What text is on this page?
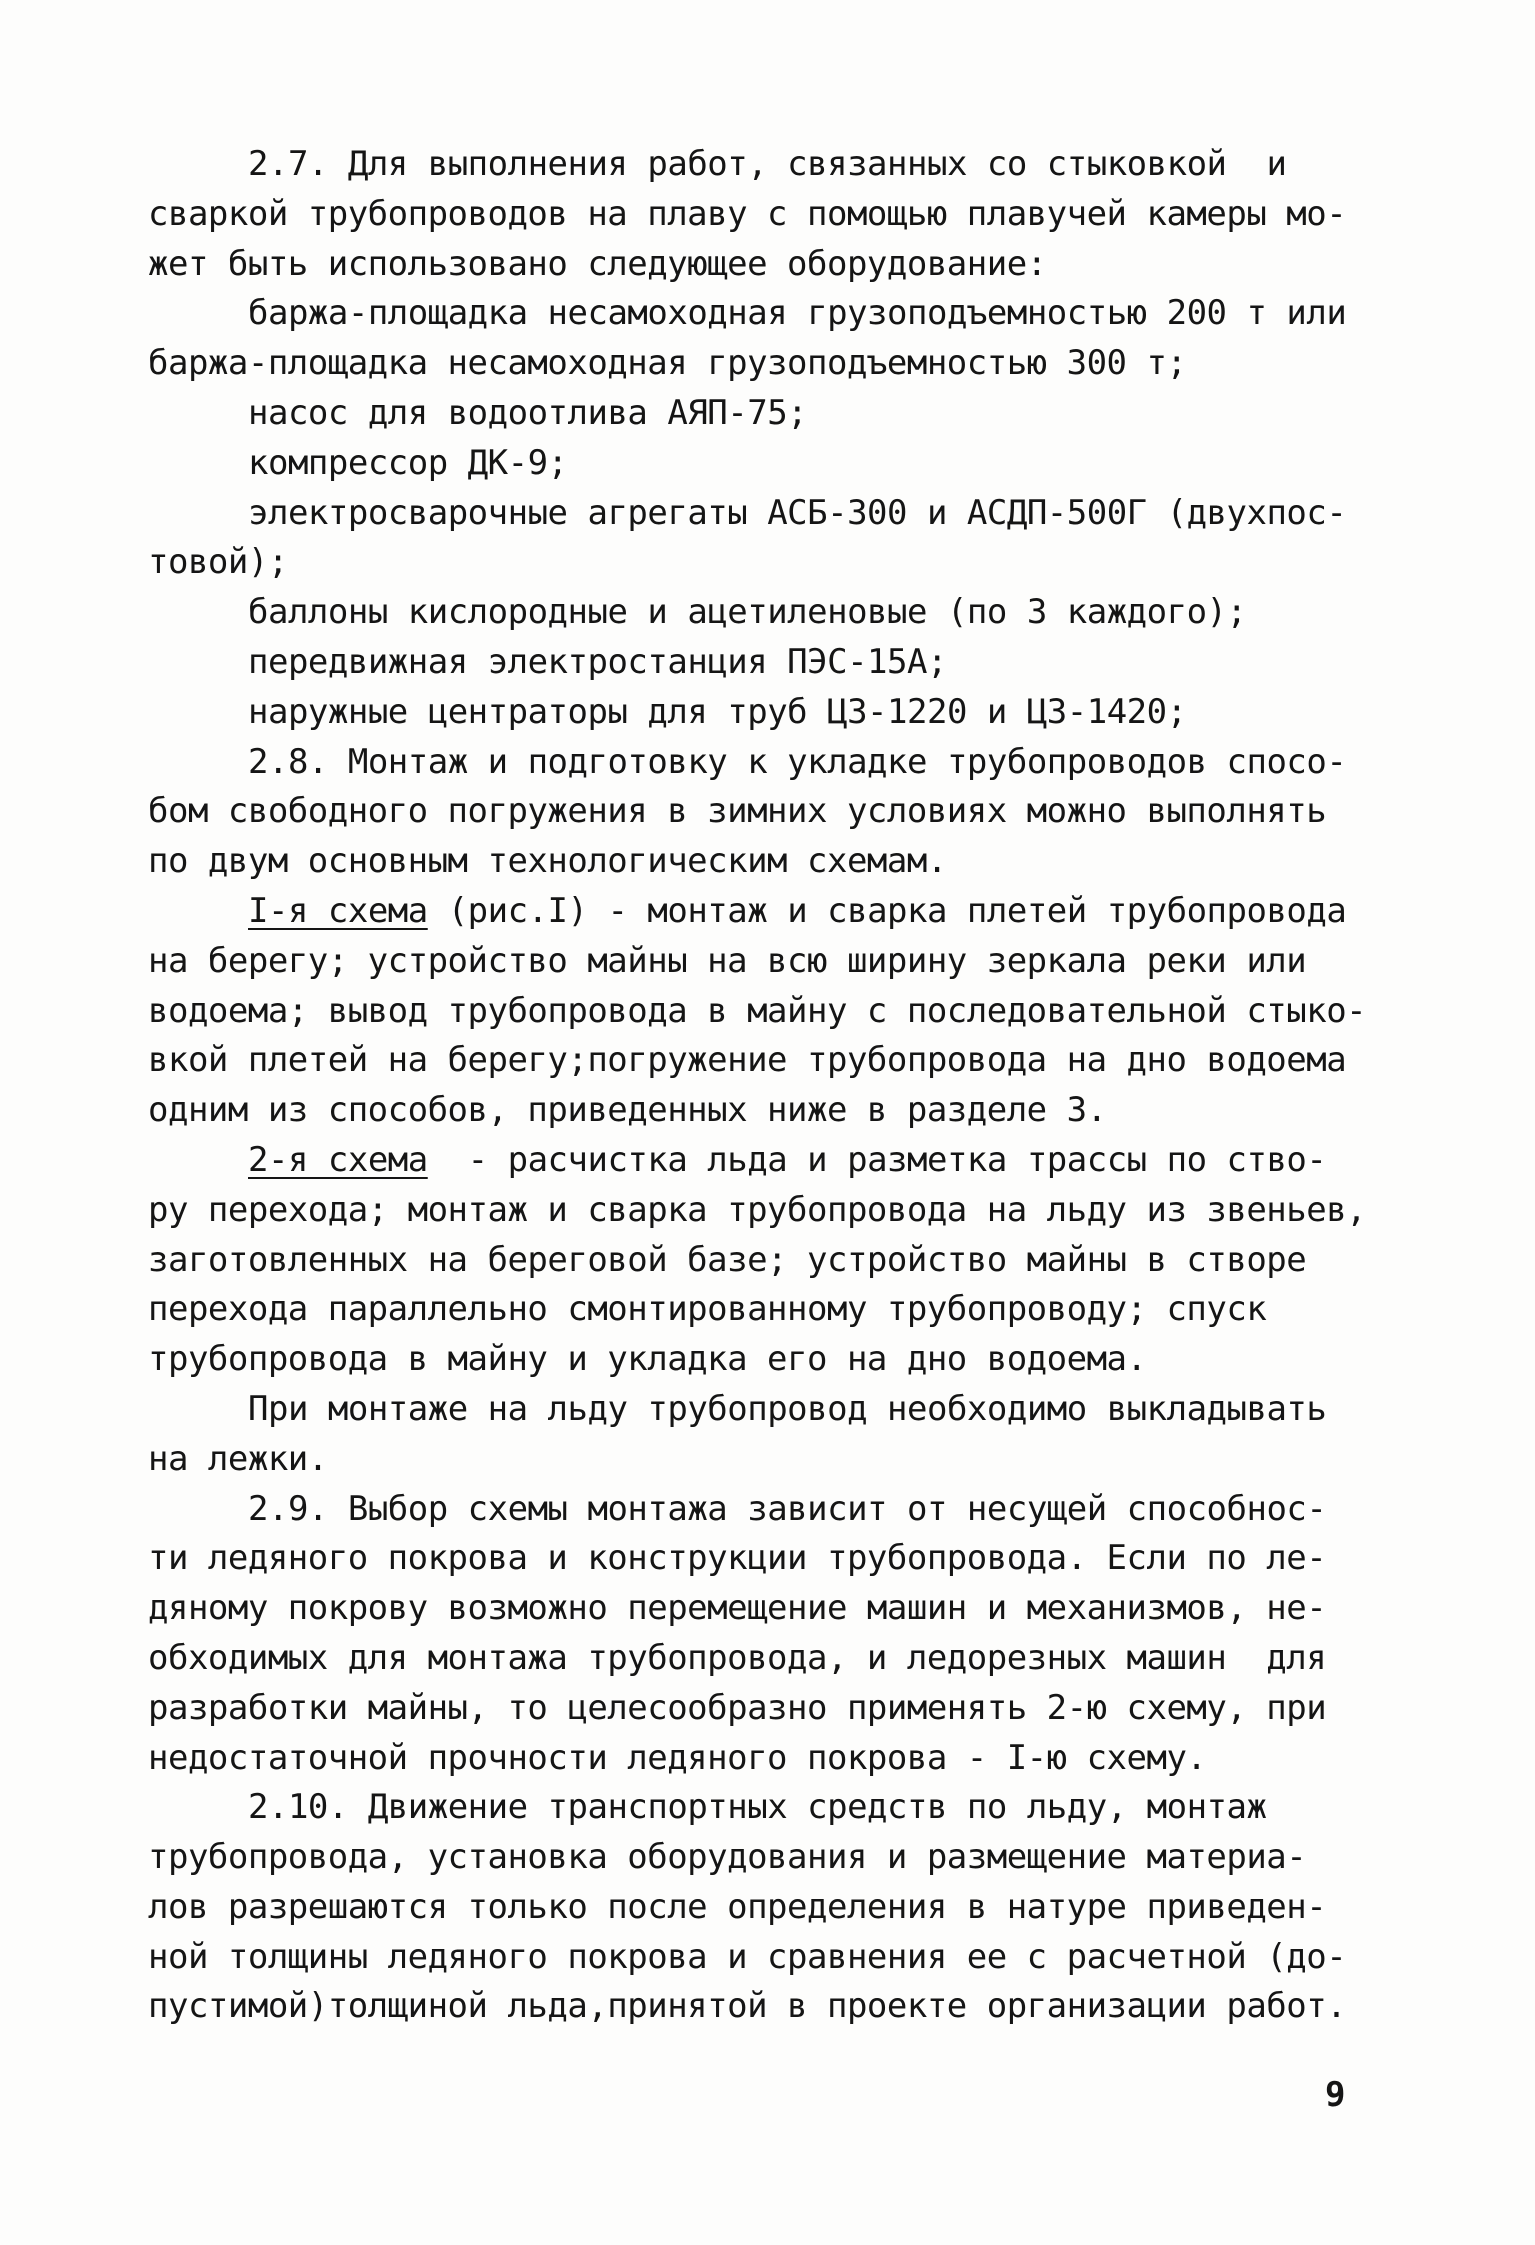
2.7. Для выполнения работ, связанных со стыковкой  и
сваркой трубопроводов на плаву с помощью плавучей камеры мо-
жет быть использовано следующее оборудование:
баржа-площадка несамоходная грузоподъемностью 200 т или
баржа-площадка несамоходная грузоподъемностью 300 т;
насос для водоотлива АЯП-75;
компрессор ДК-9;
электросварочные агрегаты АСБ-300 и АСДП-500Г (двухпос-
товой);
баллоны кислородные и ацетиленовые (по 3 каждого);
передвижная электростанция ПЭС-15А;
наружные центраторы для труб ЦЗ-1220 и ЦЗ-1420;
2.8. Монтаж и подготовку к укладке трубопроводов спосо-
бом свободного погружения в зимних условиях можно выполнять
по двум основным технологическим схемам.
I-я схема (рис.I) - монтаж и сварка плетей трубопровода
на берегу; устройство майны на всю ширину зеркала реки или
водоема; вывод трубопровода в майну с последовательной стыко-
вкой плетей на берегу;погружение трубопровода на дно водоема
одним из способов, приведенных ниже в разделе 3.
2-я схема  - расчистка льда и разметка трассы по ство-
ру перехода; монтаж и сварка трубопровода на льду из звеньев,
заготовленных на береговой базе; устройство майны в створе
перехода параллельно смонтированному трубопроводу; спуск
трубопровода в майну и укладка его на дно водоема.
При монтаже на льду трубопровод необходимо выкладывать
на лежки.
2.9. Выбор схемы монтажа зависит от несущей способнос-
ти ледяного покрова и конструкции трубопровода. Если по ле-
дяному покрову возможно перемещение машин и механизмов, не-
обходимых для монтажа трубопровода, и ледорезных машин  для
разработки майны, то целесообразно применять 2-ю схему, при
недостаточной прочности ледяного покрова - I-ю схему.
2.10. Движение транспортных средств по льду, монтаж
трубопровода, установка оборудования и размещение материа-
лов разрешаются только после определения в натуре приведен-
ной толщины ледяного покрова и сравнения ее с расчетной (до-
пустимой)толщиной льда,принятой в проекте организации работ.
9
